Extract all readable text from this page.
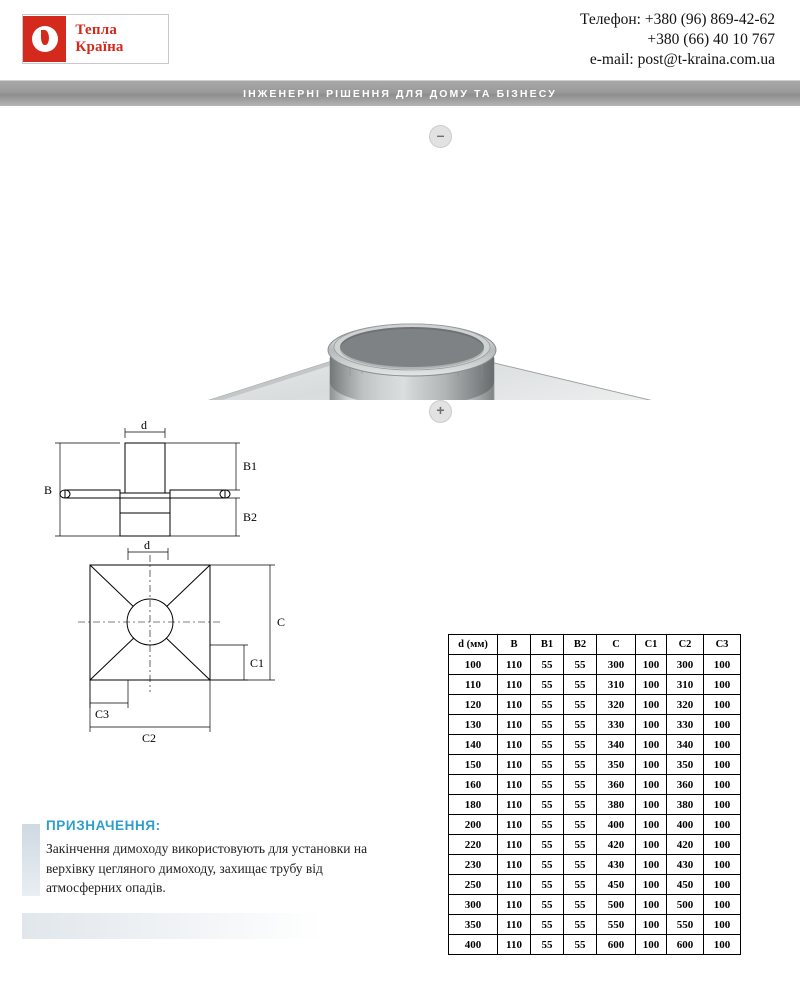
Тепла Країна
Телефон: +380 (96) 869-42-62
+380 (66) 40 10 767
e-mail: post@t-kraina.com.ua
ІНЖЕНЕРНІ РІШЕННЯ ДЛЯ ДОМУ ТА БІЗНЕСУ
–
+
d
B
B1
B2
d
C
C1
C3
C2
d (мм)	B	B1	B2	C	C1	C2	C3
100	110	55	55	300	100	300	100
110	110	55	55	310	100	310	100
120	110	55	55	320	100	320	100
130	110	55	55	330	100	330	100
140	110	55	55	340	100	340	100
150	110	55	55	350	100	350	100
160	110	55	55	360	100	360	100
180	110	55	55	380	100	380	100
200	110	55	55	400	100	400	100
220	110	55	55	420	100	420	100
230	110	55	55	430	100	430	100
250	110	55	55	450	100	450	100
300	110	55	55	500	100	500	100
350	110	55	55	550	100	550	100
400	110	55	55	600	100	600	100
ПРИЗНАЧЕННЯ:
Закінчення димоходу використовують для установки на верхівку цегляного димоходу, захищає трубу від атмосферних опадів.
